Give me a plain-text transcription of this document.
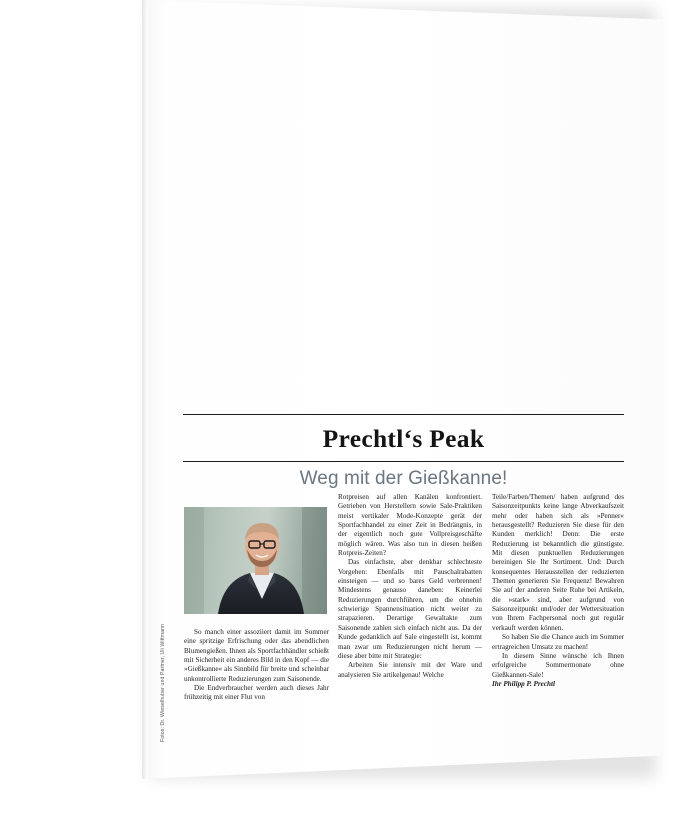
Prechtl‘s Peak
Weg mit der Gießkanne!
Fotos: Dr. Wieselhuber und Partner, Uli Wittmann	So manch einer assoziiert damit im Sommer eine spritzige Erfrischung oder das abendlichen Blumengießen. Ihnen als Sportfachhändler schießt mit Sicherheit ein anderes Bild in den Kopf — die »Gießkanne« als Sinnbild für breite und scheinbar unkontrollierte Reduzierungen zum Saisonende.

Die Endverbraucher werden auch dieses Jahr frühzeitig mit einer Flut von

Rotpreisen auf allen Kanälen konfrontiert. Getrieben von Herstellern sowie Sale-Praktiken meist vertikaler Mode-Konzepte gerät der Sportfachhandel zu einer Zeit in Bedrängnis, in der eigentlich noch gute Vollpreisgeschäfte möglich wären. Was also tun in diesen heißen Rotpreis-Zeiten?

Das einfachste, aber denkbar schlechteste Vorgehen: Ebenfalls mit Pauschalrabatten einsteigen — und so bares Geld verbrennen! Mindestens genauso daneben: Keinerlei Reduzierungen durchführen, um die ohnehin schwierige Spannensituation nicht weiter zu strapazieren. Derartige Gewaltakte zum Saisonende zahlen sich einfach nicht aus. Da der Kunde gedanklich auf Sale eingestellt ist, kommt man zwar um Reduzierungen nicht herum — diese aber bitte mit Strategie:

Arbeiten Sie intensiv mit der Ware und analysieren Sie artikelgenau! Welche

Teile/Farben/Themen/ haben aufgrund des Saisonzeitpunkts keine lange Abverkaufszeit mehr oder haben sich als »Penner« herausgestellt? Reduzieren Sie diese für den Kunden merklich! Denn: Die erste Reduzierung ist bekanntlich die günstigste. Mit diesen punktuellen Reduzierungen bereinigen Sie Ihr Sortiment. Und: Durch konsequentes Herausstellen der reduzierten Themen generieren Sie Frequenz! Bewahren Sie auf der anderen Seite Ruhe bei Artikeln, die »stark« sind, aber aufgrund von Saisonzeitpunkt und/oder der Wettersituation von Ihrem Fachpersonal noch gut regulär verkauft werden können.

So haben Sie die Chance auch im Sommer ertragreichen Umsatz zu machen!

In diesem Sinne wünsche ich Ihnen erfolgreiche Sommermonate ohne Gießkannen-Sale!

Ihr Philipp P. Prechtl
